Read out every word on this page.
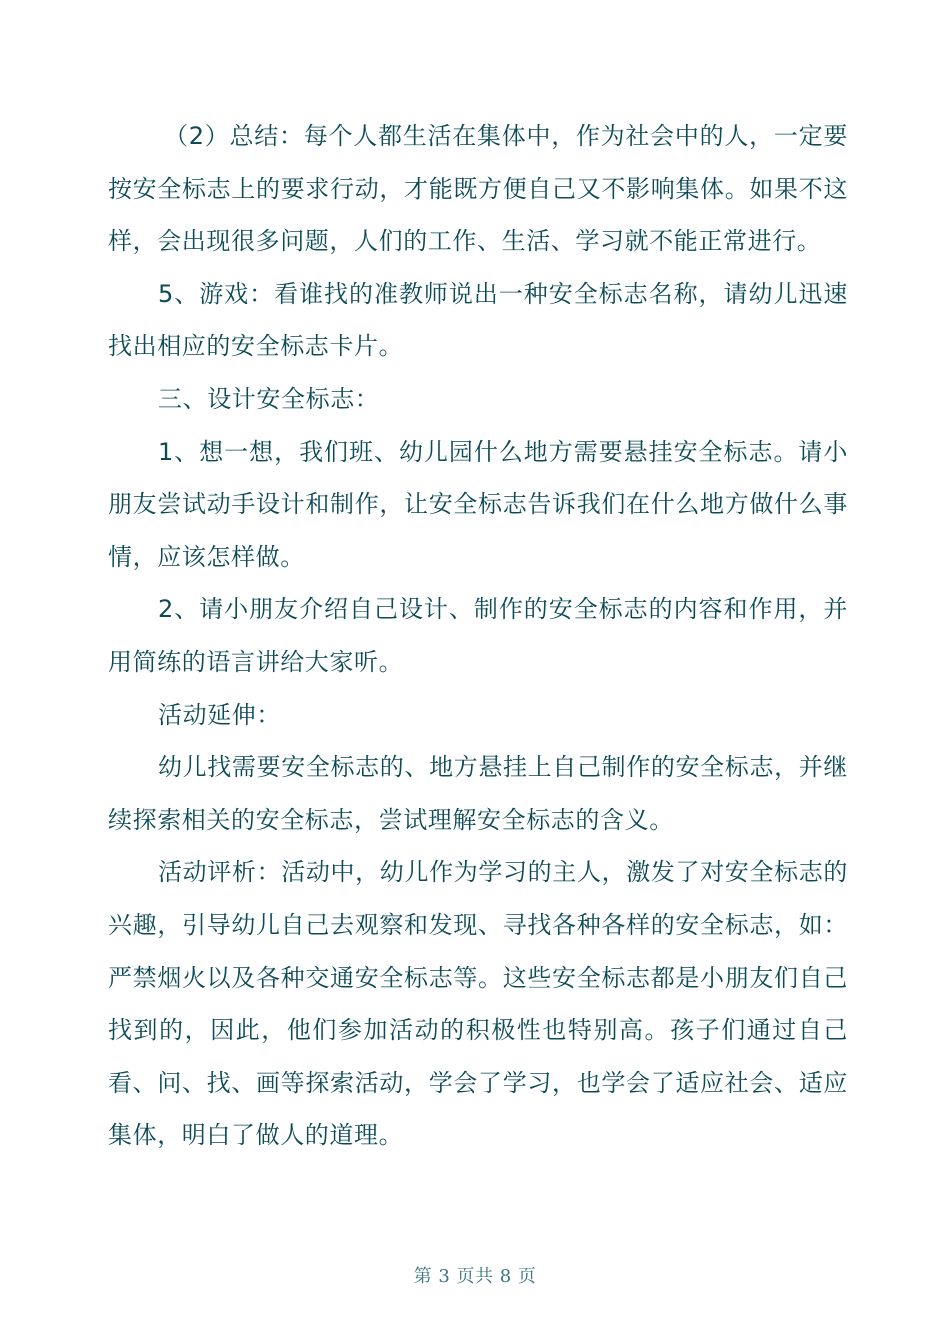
（2）总结：每个人都生活在集体中，作为社会中的人，一定要按安全标志上的要求行动，才能既方便自己又不影响集体。如果不这样，会出现很多问题，人们的工作、生活、学习就不能正常进行。

5、游戏：看谁找的准教师说出一种安全标志名称，请幼儿迅速找出相应的安全标志卡片。

三、设计安全标志：

1、想一想，我们班、幼儿园什么地方需要悬挂安全标志。请小朋友尝试动手设计和制作，让安全标志告诉我们在什么地方做什么事情，应该怎样做。

2、请小朋友介绍自己设计、制作的安全标志的内容和作用，并用简练的语言讲给大家听。

活动延伸：

幼儿找需要安全标志的、地方悬挂上自己制作的安全标志，并继续探索相关的安全标志，尝试理解安全标志的含义。

活动评析：活动中，幼儿作为学习的主人，激发了对安全标志的兴趣，引导幼儿自己去观察和发现、寻找各种各样的安全标志，如：严禁烟火以及各种交通安全标志等。这些安全标志都是小朋友们自己找到的，因此，他们参加活动的积极性也特别高。孩子们通过自己看、问、找、画等探索活动，学会了学习，也学会了适应社会、适应集体，明白了做人的道理。

第 3 页共 8 页
